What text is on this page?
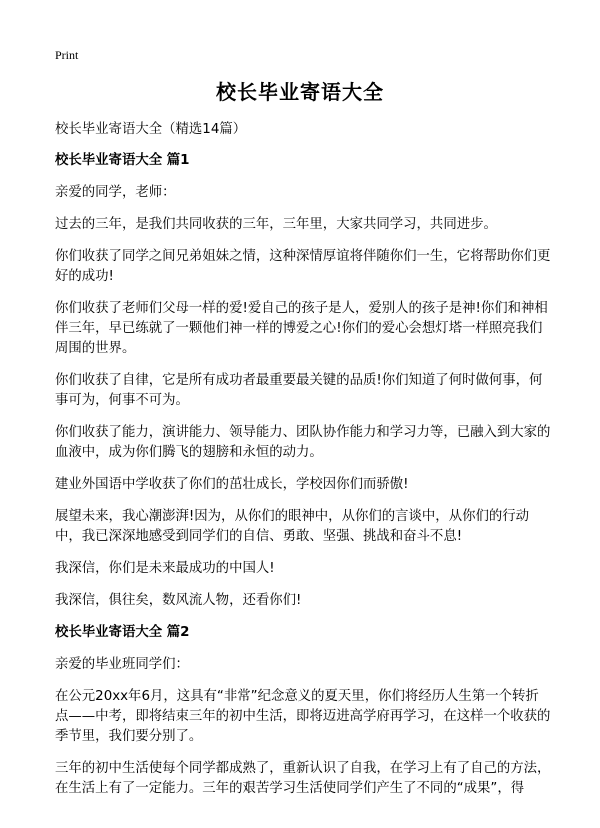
Print
校长毕业寄语大全

校长毕业寄语大全（精选14篇）

校长毕业寄语大全 篇1

亲爱的同学，老师：

过去的三年，是我们共同收获的三年，三年里，大家共同学习，共同进步。

你们收获了同学之间兄弟姐妹之情，这种深情厚谊将伴随你们一生，它将帮助你们更好的成功!

你们收获了老师们父母一样的爱!爱自己的孩子是人，爱别人的孩子是神!你们和神相伴三年，早已练就了一颗他们神一样的博爱之心!你们的爱心会想灯塔一样照亮我们周围的世界。

你们收获了自律，它是所有成功者最重要最关键的品质!你们知道了何时做何事，何事可为，何事不可为。

你们收获了能力，演讲能力、领导能力、团队协作能力和学习力等，已融入到大家的血液中，成为你们腾飞的翅膀和永恒的动力。

建业外国语中学收获了你们的茁壮成长，学校因你们而骄傲!

展望未来，我心潮澎湃!因为，从你们的眼神中，从你们的言谈中，从你们的行动中，我已深深地感受到同学们的自信、勇敢、坚强、挑战和奋斗不息!

我深信，你们是未来最成功的中国人!

我深信，俱往矣，数风流人物，还看你们!

校长毕业寄语大全 篇2

亲爱的毕业班同学们：

在公元20xx年6月，这具有“非常”纪念意义的夏天里，你们将经历人生第一个转折点——中考，即将结束三年的初中生活，即将迈进高学府再学习，在这样一个收获的季节里，我们要分别了。

三年的初中生活使每个同学都成熟了，重新认识了自我，在学习上有了自己的方法，在生活上有了一定能力。三年的艰苦学习生活使同学们产生了不同的“成果”，得
